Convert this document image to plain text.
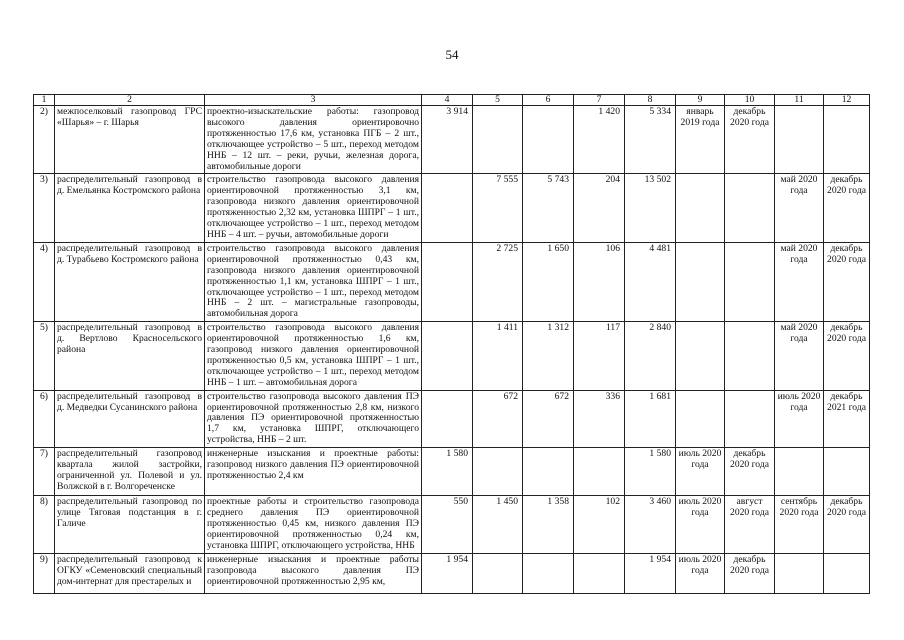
54
1	2	3	4	5	6	7	8	9	10	11	12
2)	межпоселковый газопровод ГРС «Шарья» – г. Шарья	проектно-изыскательские работы: газопровод высокого давления ориентировочно протяженностью 17,6 км, установка ПГБ – 2 шт., отключающее устройство – 5 шт., переход методом ННБ – 12 шт. – реки, ручьи, железная дорога, автомобильные дороги	3 914			1 420	5 334	январь 2019 года	декабрь 2020 года		
3)	распределительный газопровод в д. Емельянка Костромского района	строительство газопровода высокого давления ориентировочной протяженностью 3,1 км, газопровода низкого давления ориентировочной протяженностью 2,32 км, установка ШПРГ – 1 шт., отключающее устройство – 1 шт., переход методом ННБ – 4 шт. – ручьи, автомобильные дороги		7 555	5 743	204	13 502			май 2020 года	декабрь 2020 года
4)	распределительный газопровод в д. Турабьево Костромского района	строительство газопровода высокого давления ориентировочной протяженностью 0,43 км, газопровода низкого давления ориентировочной протяженностью 1,1 км, установка ШПРГ – 1 шт., отключающее устройство – 1 шт., переход методом ННБ – 2 шт. – магистральные газопроводы, автомобильная дорога		2 725	1 650	106	4 481			май 2020 года	декабрь 2020 года
5)	распределительный газопровод в д. Вертлово Красносельского района	строительство газопровода высокого давления ориентировочной протяженностью 1,6 км, газопровод низкого давления ориентировочной протяженностью 0,5 км, установка ШПРГ – 1 шт., отключающее устройство – 1 шт., переход методом ННБ – 1 шт. – автомобильная дорога		1 411	1 312	117	2 840			май 2020 года	декабрь 2020 года
6)	распределительный газопровод в д. Медведки Сусанинского района	строительство газопровода высокого давления ПЭ ориентировочной протяженностью 2,8 км, низкого давления ПЭ ориентировочной протяженностью 1,7 км, установка ШПРГ, отключающего устройства, ННБ – 2 шт.		672	672	336	1 681			июль 2020 года	декабрь 2021 года
7)	распределительный газопровод квартала жилой застройки, ограниченной ул. Полевой и ул. Волжской в г. Волгореченске	инженерные изыскания и проектные работы: газопровод низкого давления ПЭ ориентировочной протяженностью 2,4 км	1 580				1 580	июль 2020 года	декабрь 2020 года		
8)	распределительный газопровод по улице Тяговая подстанция в г. Галиче	проектные работы и строительство газопровода среднего давления ПЭ ориентировочной протяженностью 0,45 км, низкого давления ПЭ ориентировочной протяженностью 0,24 км, установка ШПРГ, отключающего устройства, ННБ	550	1 450	1 358	102	3 460	июль 2020 года	август 2020 года	сентябрь 2020 года	декабрь 2020 года
9)	распределительный газопровод к ОГКУ «Семеновский специальный дом-интернат для престарелых и	инженерные изыскания и проектные работы газопровода высокого давления ПЭ ориентировочной протяженностью 2,95 км,	1 954				1 954	июль 2020 года	декабрь 2020 года		
